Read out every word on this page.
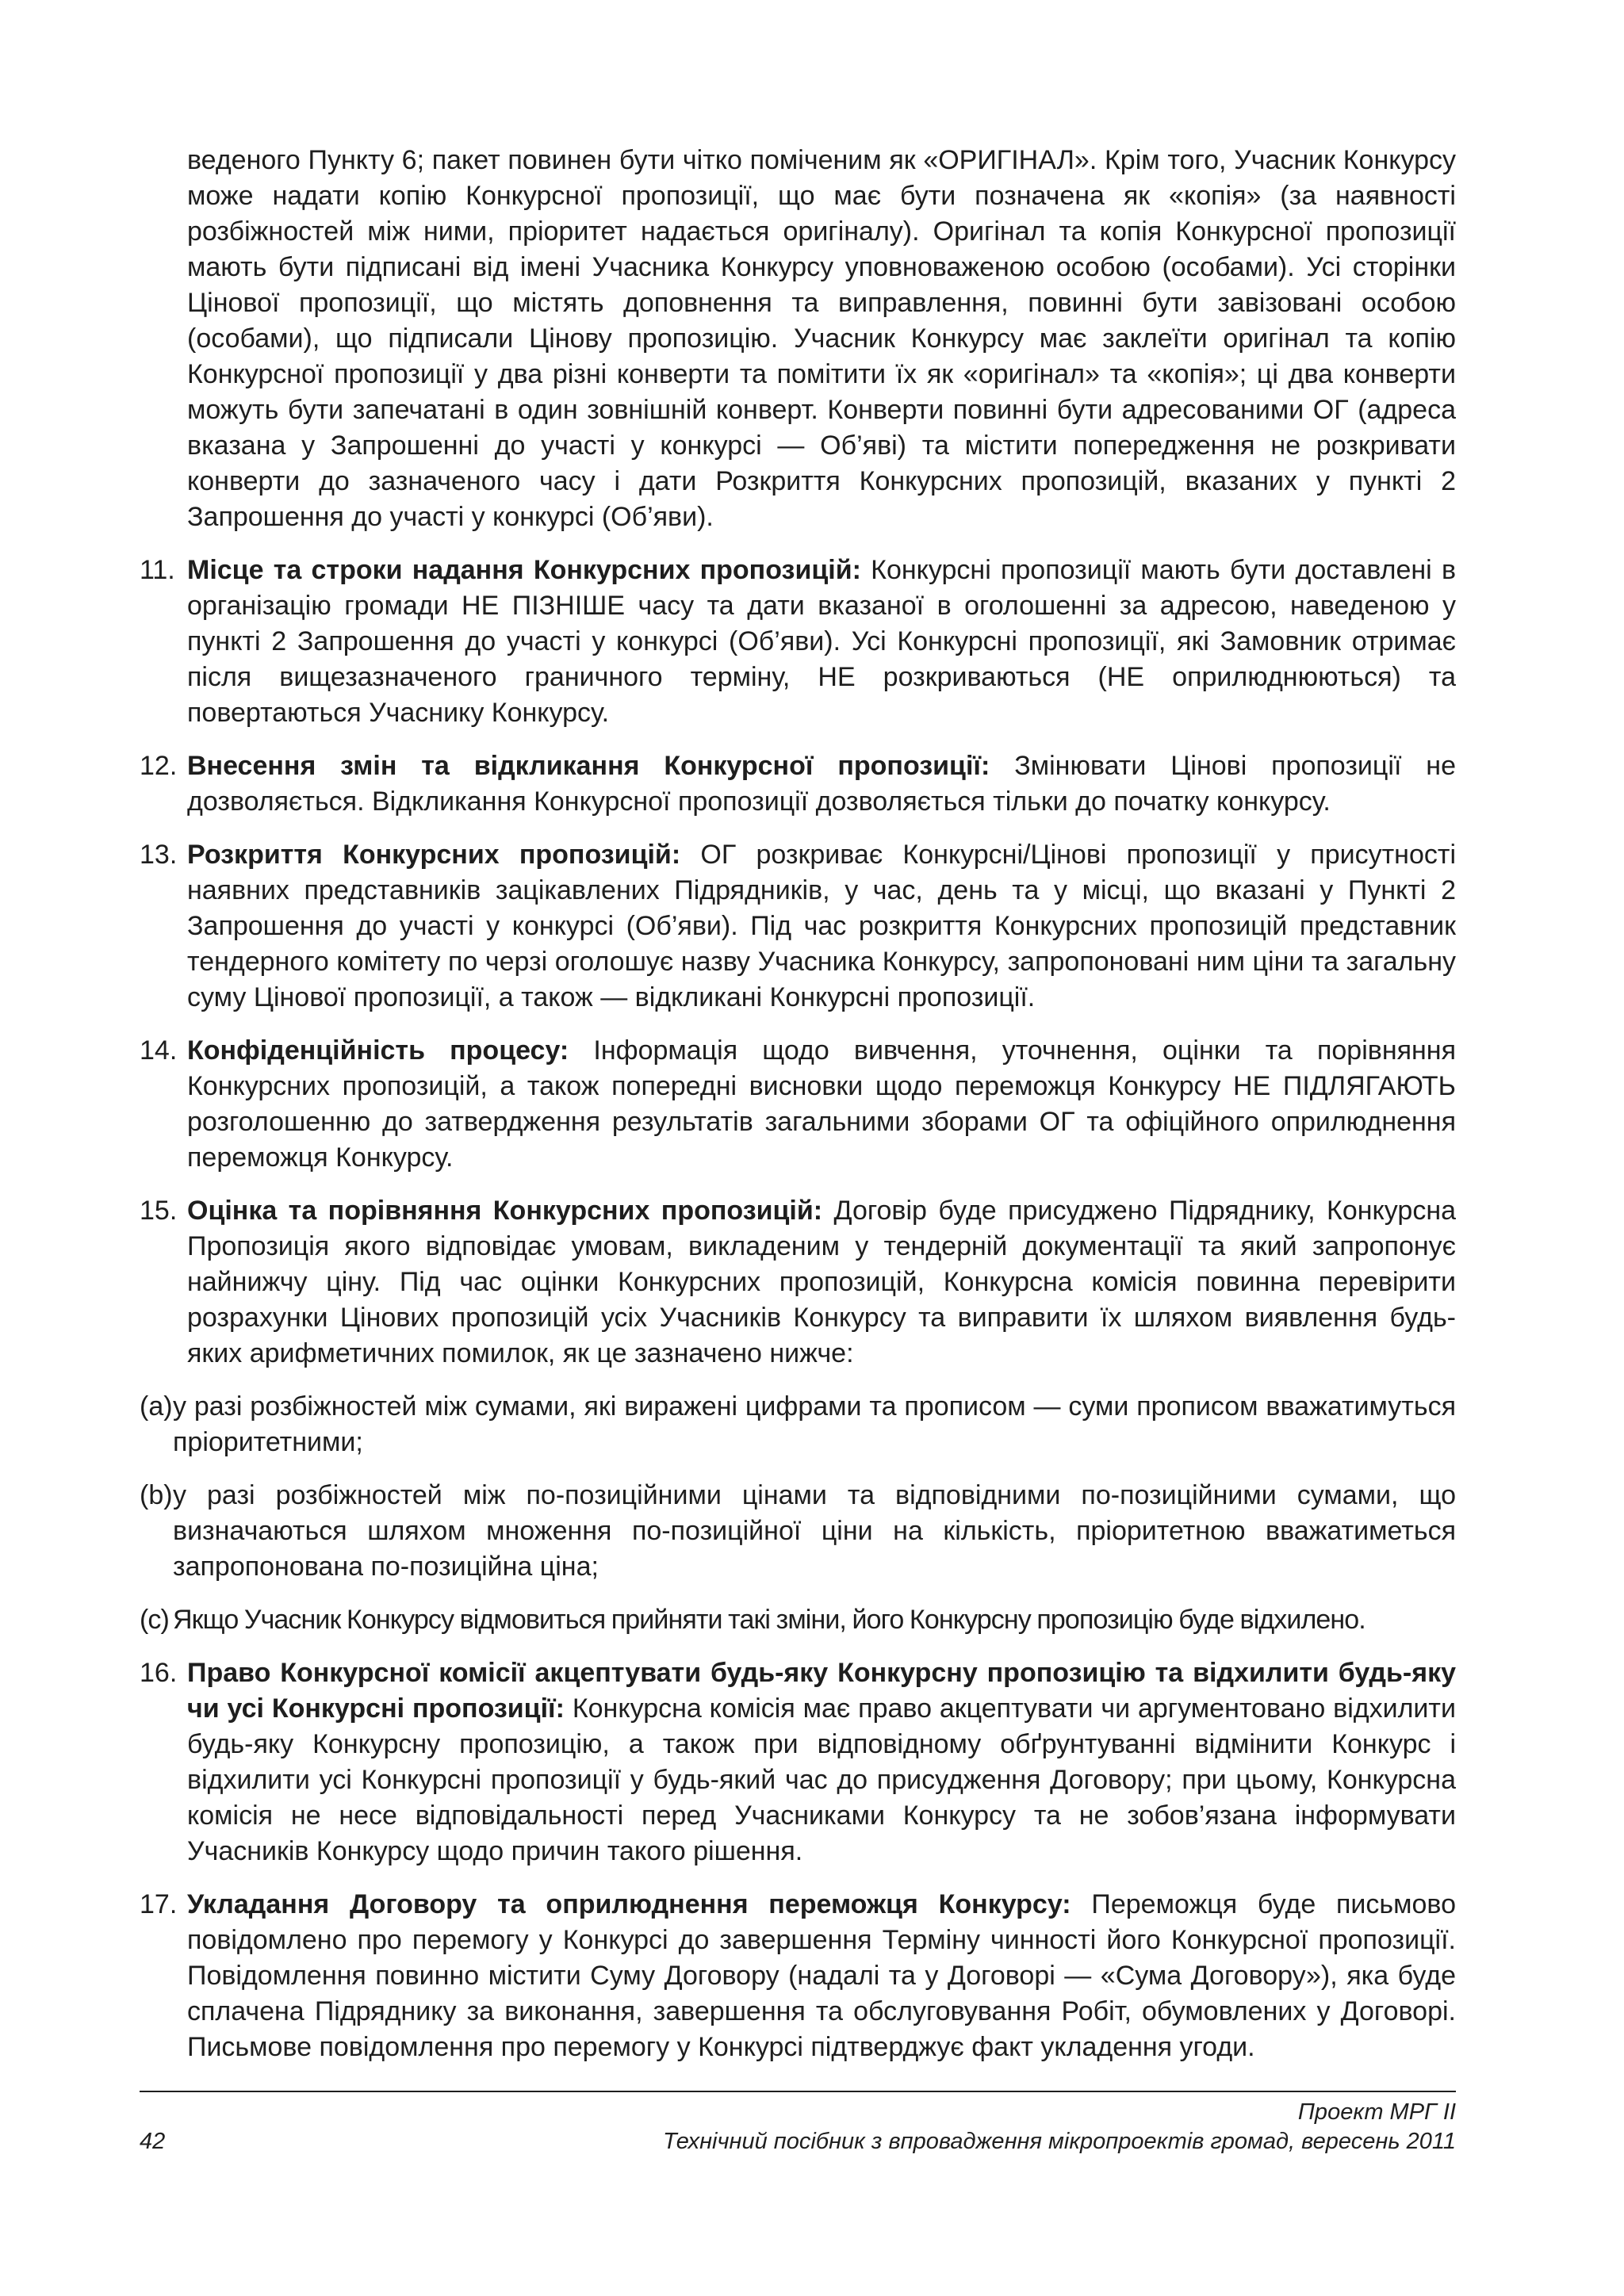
веденого Пункту 6; пакет повинен бути чітко поміченим як «ОРИГІНАЛ». Крім того, Учасник Конкурсу може надати копію Конкурсної пропозиції, що має бути позначена як «копія» (за наявності розбіжностей між ними, пріоритет надається оригіналу). Оригінал та копія Конкурсної пропозиції мають бути підписані від імені Учасника Конкурсу уповноваженою особою (особами). Усі сторінки Цінової пропозиції, що містять доповнення та виправлення, повинні бути завізовані особою (особами), що підписали Цінову пропозицію. Учасник Конкурсу має заклеїти оригінал та копію Конкурсної пропозиції у два різні конверти та помітити їх як «оригінал» та «копія»; ці два конверти можуть бути запечатані в один зовнішній конверт. Конверти повинні бути адресованими ОГ (адреса вказана у Запрошенні до участі у конкурсі — Об’яві) та містити попередження не розкривати конверти до зазначеного часу і дати Розкриття Конкурсних пропозицій, вказаних у пункті 2 Запрошення до участі у конкурсі (Об’яви).

11. Місце та строки надання Конкурсних пропозицій: Конкурсні пропозиції мають бути доставлені в організацію громади НЕ ПІЗНІШЕ часу та дати вказаної в оголошенні за адресою, наведеною у пункті 2 Запрошення до участі у конкурсі (Об’яви). Усі Конкурсні пропозиції, які Замовник отримає після вищезазначеного граничного терміну, НЕ розкриваються (НЕ оприлюднюються) та повертаються Учаснику Конкурсу.

12. Внесення змін та відкликання Конкурсної пропозиції: Змінювати Цінові пропозиції не дозволяється. Відкликання Конкурсної пропозиції дозволяється тільки до початку конкурсу.

13. Розкриття Конкурсних пропозицій: ОГ розкриває Конкурсні/Цінові пропозиції у присутності наявних представників зацікавлених Підрядників, у час, день та у місці, що вказані у Пункті 2 Запрошення до участі у конкурсі (Об’яви). Під час розкриття Конкурсних пропозицій представник тендерного комітету по черзі оголошує назву Учасника Конкурсу, запропоновані ним ціни та загальну суму Цінової пропозиції, а також — відкликані Конкурсні пропозиції.

14. Конфіденційність процесу: Інформація щодо вивчення, уточнення, оцінки та порівняння Конкурсних пропозицій, а також попередні висновки щодо переможця Конкурсу НЕ ПІДЛЯГАЮТЬ розголошенню до затвердження результатів загальними зборами ОГ та офіційного оприлюднення переможця Конкурсу.

15. Оцінка та порівняння Конкурсних пропозицій: Договір буде присуджено Підряднику, Конкурсна Пропозиція якого відповідає умовам, викладеним у тендерній документації та який запропонує найнижчу ціну. Під час оцінки Конкурсних пропозицій, Конкурсна комісія повинна перевірити розрахунки Цінових пропозицій усіх Учасників Конкурсу та виправити їх шляхом виявлення будь-яких арифметичних помилок, як це зазначено нижче:

(a) у разі розбіжностей між сумами, які виражені цифрами та прописом — суми прописом вважатимуться пріоритетними;

(b) у разі розбіжностей між по-позиційними цінами та відповідними по-позиційними сумами, що визначаються шляхом множення по-позиційної ціни на кількість, пріоритетною вважатиметься запропонована по-позиційна ціна;

(c) Якщо Учасник Конкурсу відмовиться прийняти такі зміни, його Конкурсну пропозицію буде відхилено.

16. Право Конкурсної комісії акцептувати будь-яку Конкурсну пропозицію та відхилити будь-яку чи усі Конкурсні пропозиції: Конкурсна комісія має право акцептувати чи аргументовано відхилити будь-яку Конкурсну пропозицію, а також при відповідному обґрунтуванні відмінити Конкурс і відхилити усі Конкурсні пропозиції у будь-який час до присудження Договору; при цьому, Конкурсна комісія не несе відповідальності перед Учасниками Конкурсу та не зобов’язана інформувати Учасників Конкурсу щодо причин такого рішення.

17. Укладання Договору та оприлюднення переможця Конкурсу: Переможця буде письмово повідомлено про перемогу у Конкурсі до завершення Терміну чинності його Конкурсної пропозиції. Повідомлення повинно містити Суму Договору (надалі та у Договорі — «Сума Договору»), яка буде сплачена Підряднику за виконання, завершення та обслуговування Робіт, обумовлених у Договорі. Письмове повідомлення про перемогу у Конкурсі підтверджує факт укладення угоди.

Проект МРГ II
42	Технічний посібник з впровадження мікропроектів громад, вересень 2011
